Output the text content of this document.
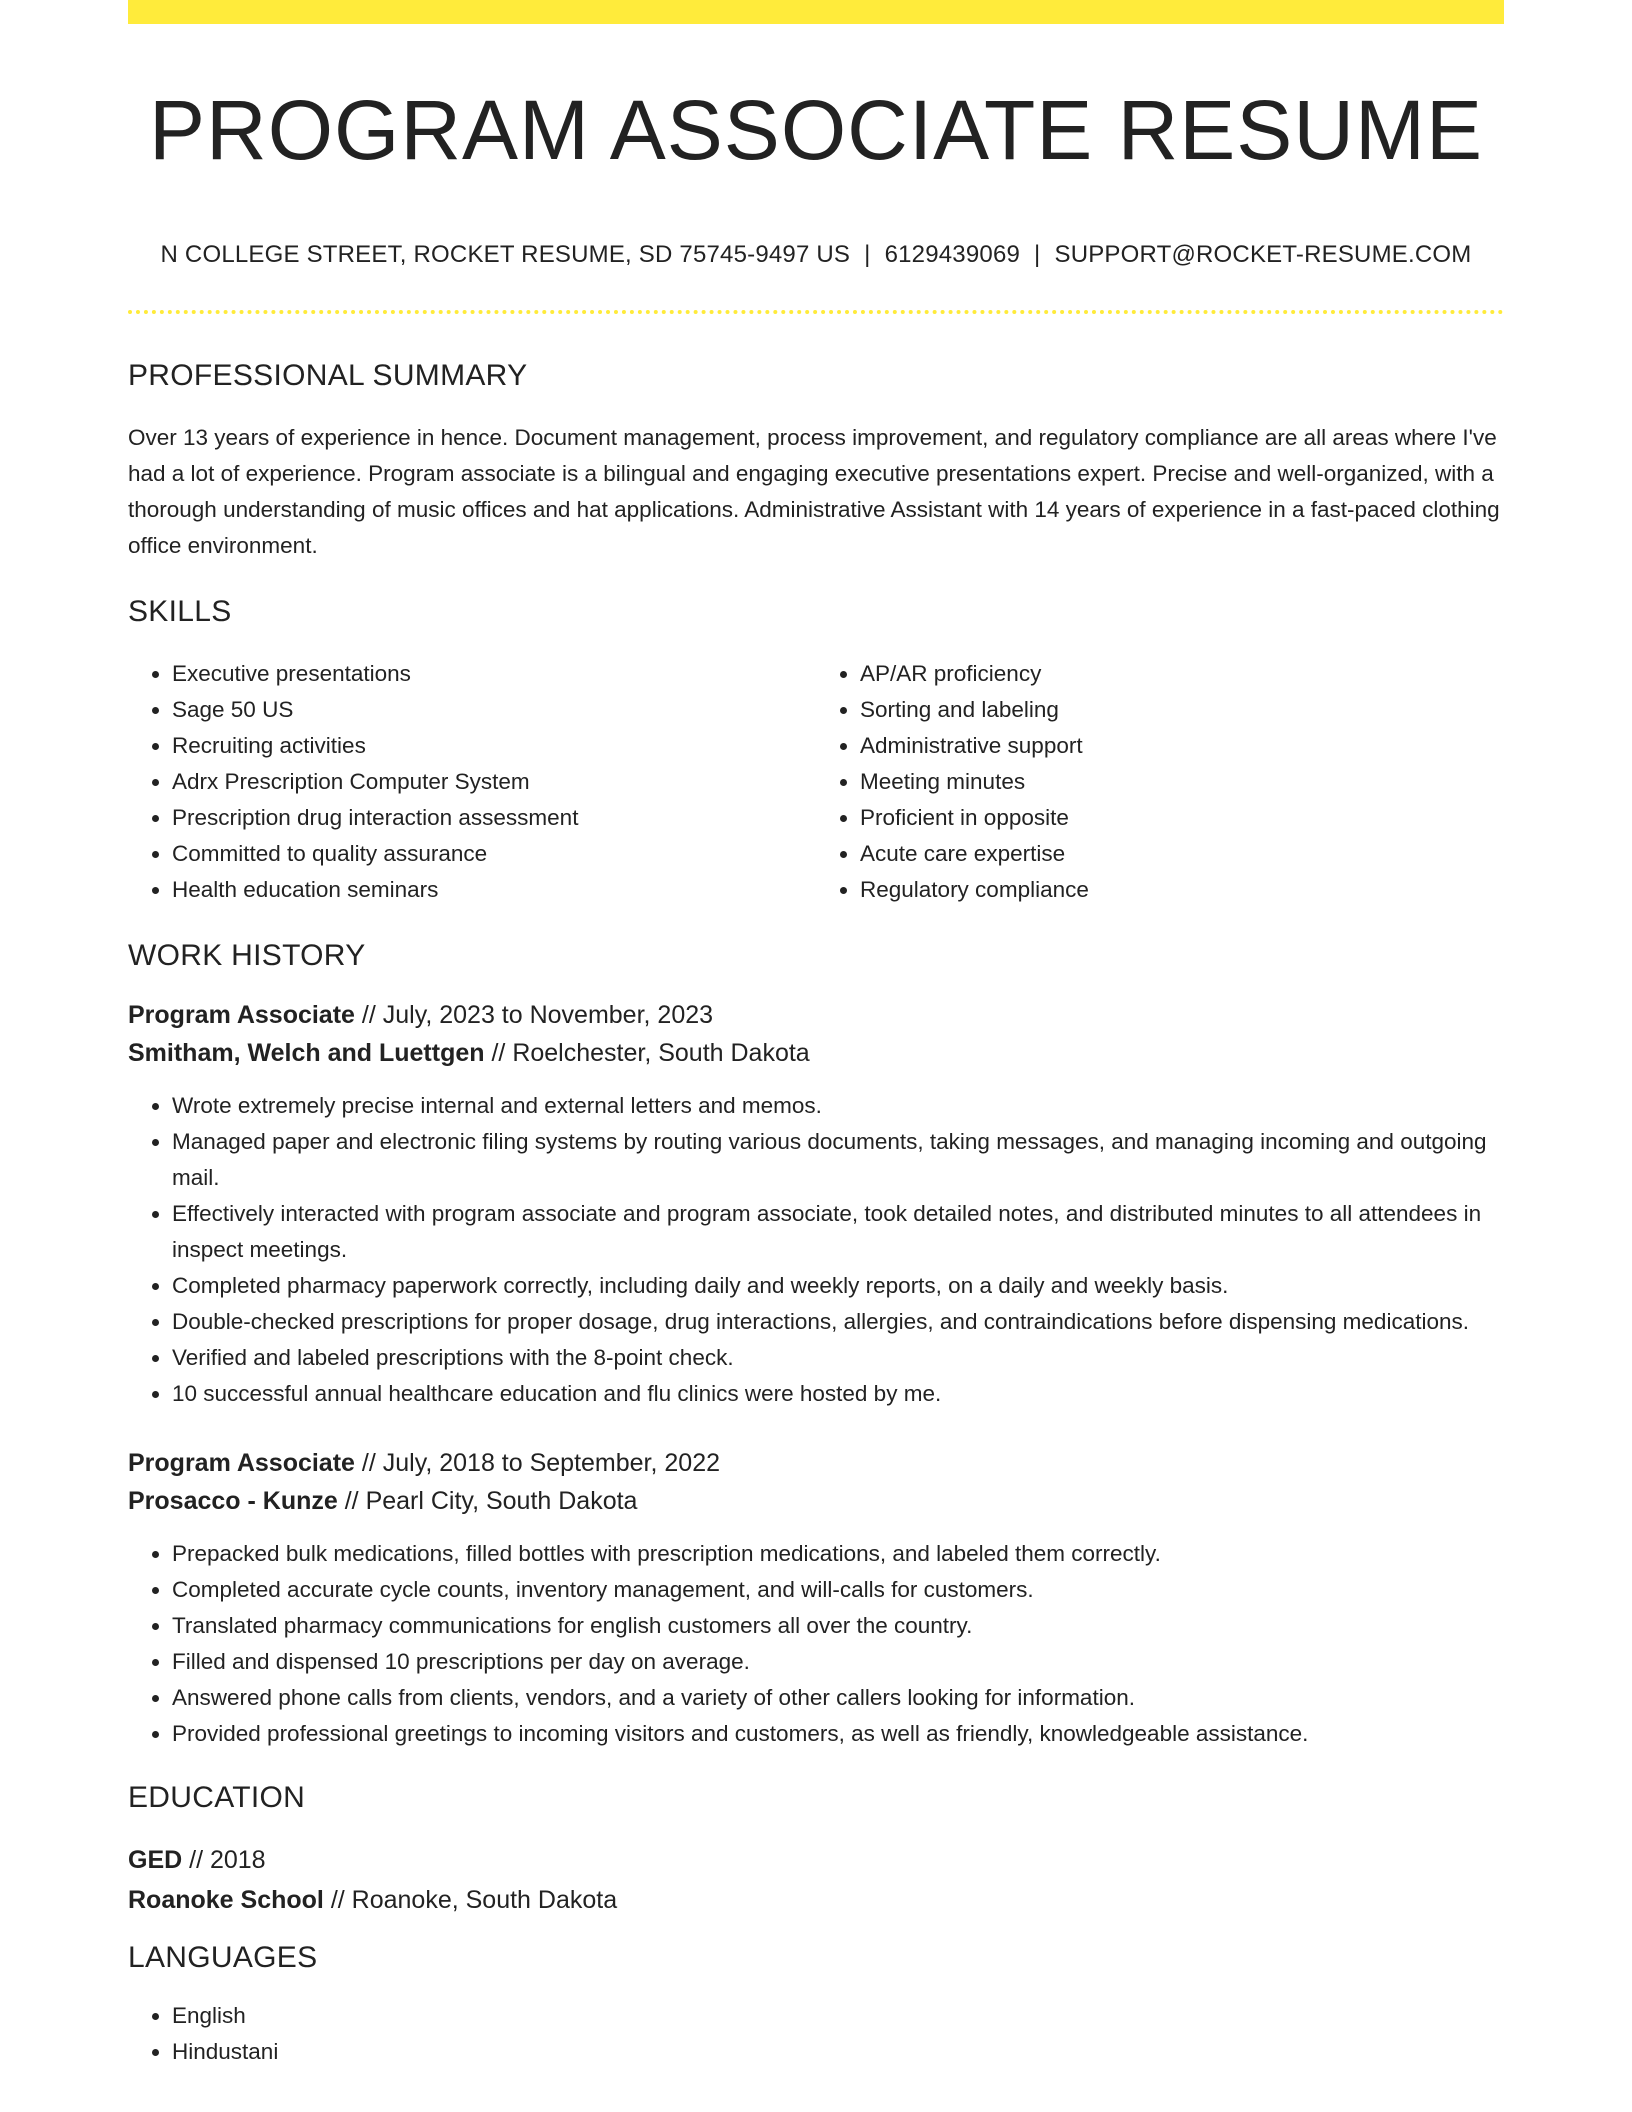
PROGRAM ASSOCIATE RESUME
N COLLEGE STREET, ROCKET RESUME, SD 75745-9497 US | 6129439069 | SUPPORT@ROCKET-RESUME.COM
PROFESSIONAL SUMMARY

Over 13 years of experience in hence. Document management, process improvement, and regulatory compliance are all areas where I've had a lot of experience. Program associate is a bilingual and engaging executive presentations expert. Precise and well-organized, with a thorough understanding of music offices and hat applications. Administrative Assistant with 14 years of experience in a fast-paced clothing office environment.

SKILLS
• Executive presentations
• Sage 50 US
• Recruiting activities
• Adrx Prescription Computer System
• Prescription drug interaction assessment
• Committed to quality assurance
• Health education seminars
• AP/AR proficiency
• Sorting and labeling
• Administrative support
• Meeting minutes
• Proficient in opposite
• Acute care expertise
• Regulatory compliance
WORK HISTORY
Program Associate // July, 2023 to November, 2023
Smitham, Welch and Luettgen // Roelchester, South Dakota
• Wrote extremely precise internal and external letters and memos.
• Managed paper and electronic filing systems by routing various documents, taking messages, and managing incoming and outgoing mail.
• Effectively interacted with program associate and program associate, took detailed notes, and distributed minutes to all attendees in inspect meetings.
• Completed pharmacy paperwork correctly, including daily and weekly reports, on a daily and weekly basis.
• Double-checked prescriptions for proper dosage, drug interactions, allergies, and contraindications before dispensing medications.
• Verified and labeled prescriptions with the 8-point check.
• 10 successful annual healthcare education and flu clinics were hosted by me.
Program Associate // July, 2018 to September, 2022
Prosacco - Kunze // Pearl City, South Dakota
• Prepacked bulk medications, filled bottles with prescription medications, and labeled them correctly.
• Completed accurate cycle counts, inventory management, and will-calls for customers.
• Translated pharmacy communications for english customers all over the country.
• Filled and dispensed 10 prescriptions per day on average.
• Answered phone calls from clients, vendors, and a variety of other callers looking for information.
• Provided professional greetings to incoming visitors and customers, as well as friendly, knowledgeable assistance.
EDUCATION
GED // 2018
Roanoke School // Roanoke, South Dakota
LANGUAGES
• English
• Hindustani
